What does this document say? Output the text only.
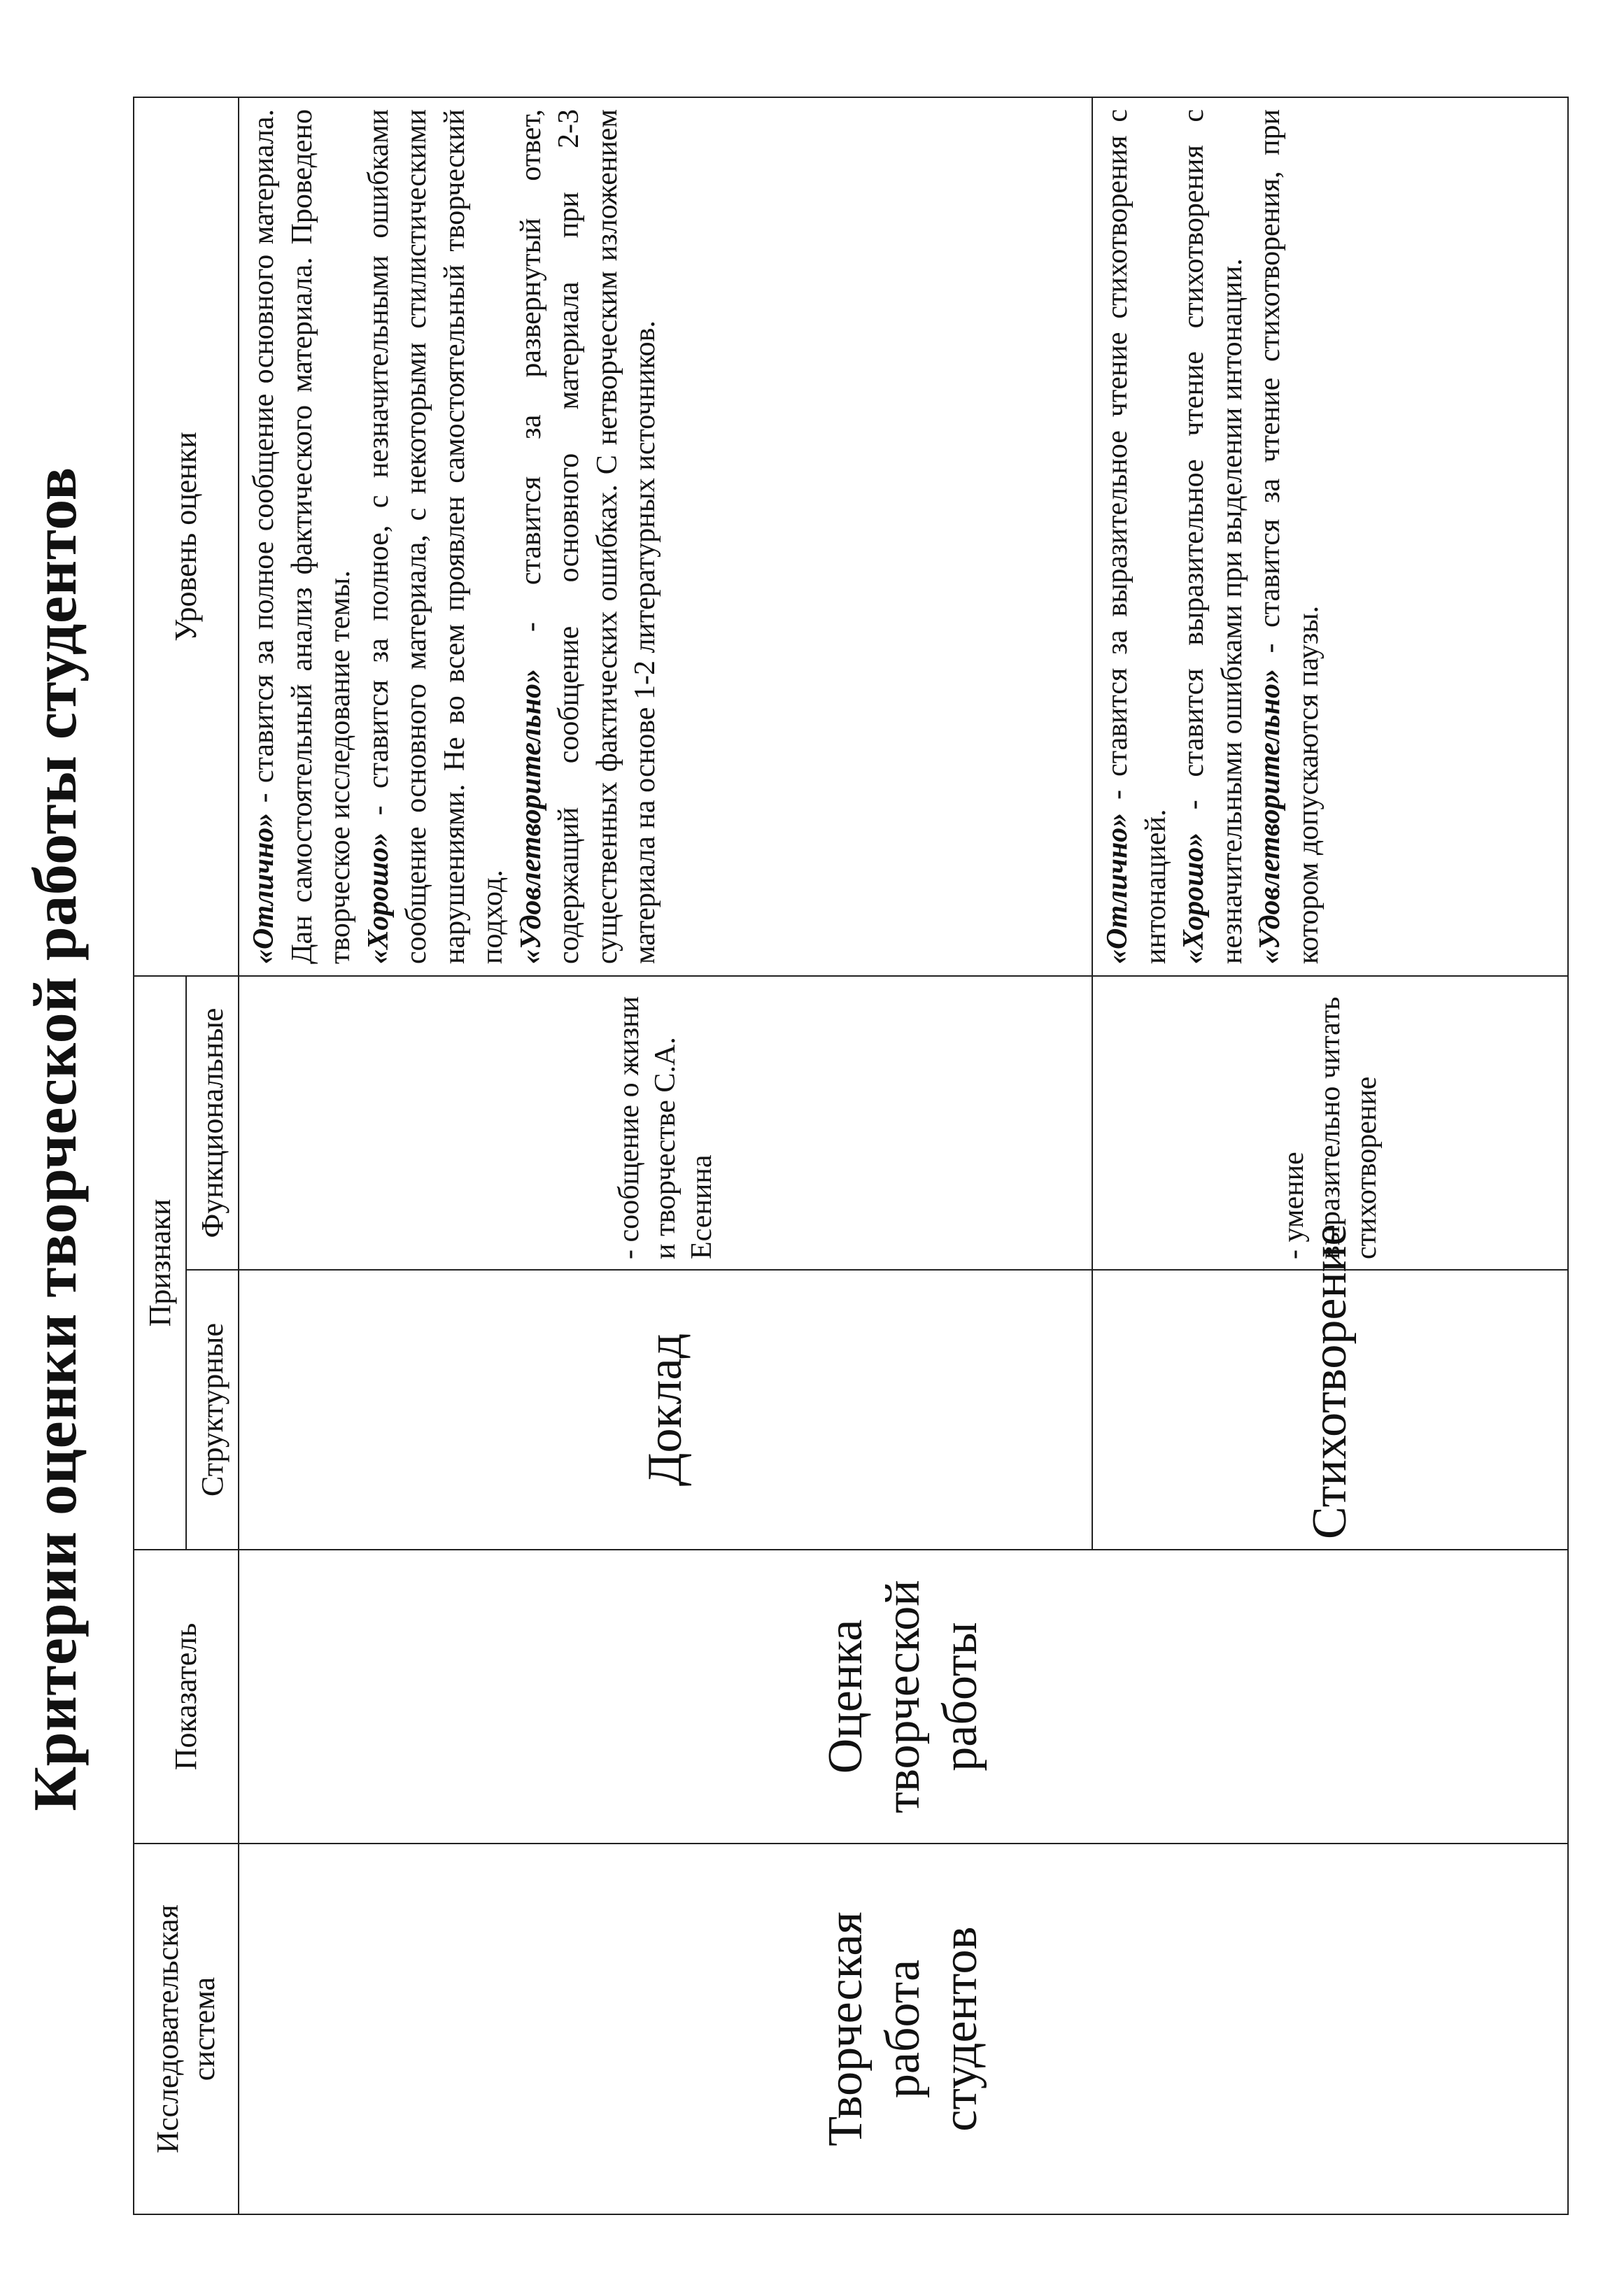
Критерии оценки творческой работы студентов
Исследовательская система	Показатель	Признаки		Уровень оценки
		Структурные	Функциональные	
Творческая работа студентов	Оценка творческой работы	Доклад	- сообщение о жизни и творчестве С.А. Есенина	«Отлично» - ставится за полное сообщение основного материала. Дан самостоятельный анализ фактического материала. Проведено творческое исследование темы. «Хорошо» - ставится за полное, с незначительными ошибками сообщение основного материала, с некоторыми стилистическими нарушениями. Не во всем проявлен самостоятельный творческий подход. «Удовлетворительно» - ставится за развернутый ответ, содержащий сообщение основного материала при 2-3 существенных фактических ошибках. С нетворческим изложением материала на основе 1-2 литературных источников.

		Стихотворение	- умение выразительно читать стихотворение	«Отлично» - ставится за выразительное чтение стихотворения с интонацией. «Хорошо» - ставится выразительное чтение стихотворения с незначительными ошибками при выделении интонации. «Удовлетворительно» - ставится за чтение стихотворения, при котором допускаются паузы.
